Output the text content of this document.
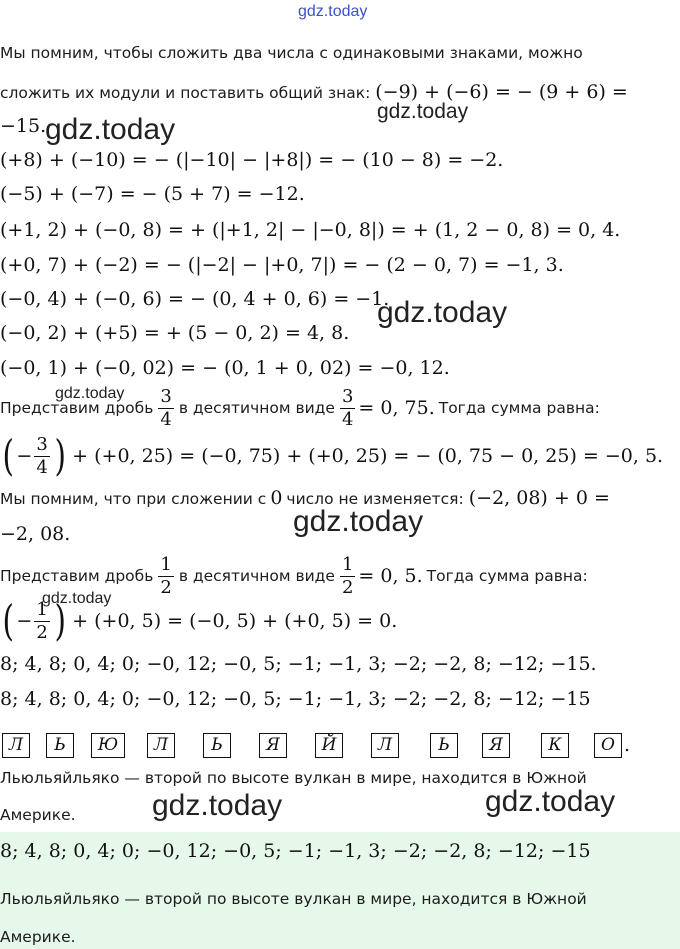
gdz.today
Мы помним, чтобы сложить два числа с одинаковыми знаками, можно
сложить их модули и поставить общий знак: (−9) + (−6) = − (9 + 6) =
−15.
gdz.today
gdz.today
(+8) + (−10) = − (|−10| − |+8|) = − (10 − 8) = −2.
(−5) + (−7) = − (5 + 7) = −12.
(+1, 2) + (−0, 8) = + (|+1, 2| − |−0, 8|) = + (1, 2 − 0, 8) = 0, 4.
(+0, 7) + (−2) = − (|−2| − |+0, 7|) = − (2 − 0, 7) = −1, 3.
(−0, 4) + (−0, 6) = − (0, 4 + 0, 6) = −1.
gdz.today
(−0, 2) + (+5) = + (5 − 0, 2) = 4, 8.
(−0, 1) + (−0, 02) = − (0, 1 + 0, 02) = −0, 12.
gdz.today
Представим дробь $\frac{3}{4}$ в десятичном виде $\frac{3}{4} = 0$, 75. Тогда сумма равна:
( − $\frac{3}{4}$ ) + (+0, 25) = (−0, 75) + (+0, 25) = − (0, 75 − 0, 25) = −0, 5.
Мы помним, что при сложении с 0 число не изменяется: (−2, 08) + 0 =
−2, 08.	gdz.today
Представим дробь $\frac{1}{2}$ в десятичном виде $\frac{1}{2} = 0$, 5. Тогда сумма равна:
( − $\frac{1}{2}$ ) + (+0, 5) = (−0, 5) + (+0, 5) = 0.
gdz.today
8; 4, 8; 0, 4; 0; −0, 12; −0, 5; −1; −1, 3; −2; −2, 8; −12; −15.
8; 4, 8; 0, 4; 0; −0, 12; −0, 5; −1; −1, 3; −2; −2, 8; −12; −15
Л	Ь	Ю	Л	Ь	Я	Й	Л	Ь	Я	К	О .
Льюльяйльяко — второй по высоте вулкан в мире, находится в Южной
Америке.	gdz.today	gdz.today
8; 4, 8; 0, 4; 0; −0, 12; −0, 5; −1; −1, 3; −2; −2, 8; −12; −15
Льюльяйльяко — второй по высоте вулкан в мире, находится в Южной
Америке.
